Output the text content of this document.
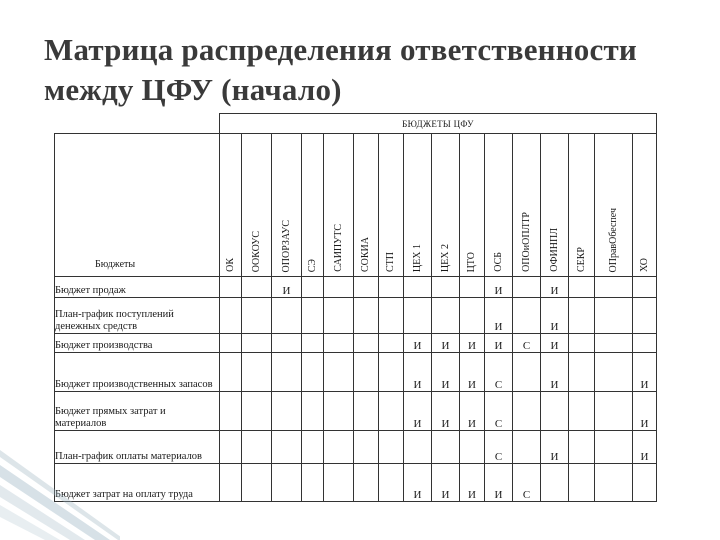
Матрица распределения ответственности между ЦФУ (начало)
	БЮДЖЕТЫ ЦФУ															
Бюджеты	ОК	ООКОУС	ОПОРЗАУС	СЭ	САИПУТС	СОКИА	СТП	ЦЕХ 1	ЦЕХ 2	ЦТО	ОСБ	ОПОиОПЛТР	ОФИНПЛ	СЕКР	ОПравОбеспеч	ХО

Бюджет продаж			И								И		И			
План-график поступлений денежных средств											И		И			
Бюджет производства								И	И	И	И	С	И			
Бюджет производственных запасов								И	И	И	С		И			И
Бюджет прямых затрат и материалов								И	И	И	С					И
План-график оплаты материалов											С		И			И
Бюджет затрат на оплату труда								И	И	И	И	С				
